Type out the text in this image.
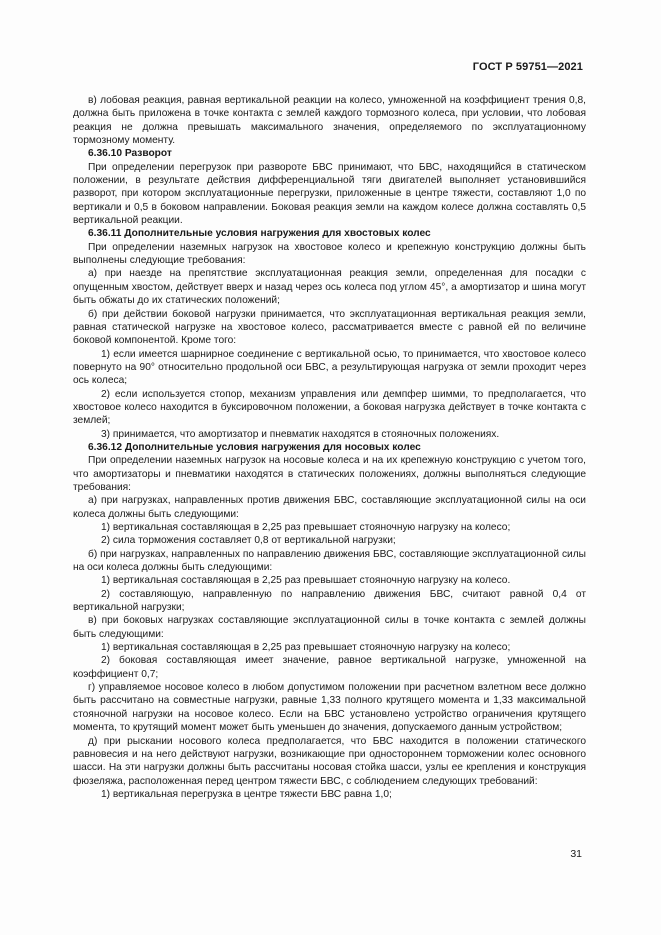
ГОСТ Р 59751—2021

в) лобовая реакция, равная вертикальной реакции на колесо, умноженной на коэффициент трения 0,8, должна быть приложена в точке контакта с землей каждого тормозного колеса, при условии, что лобовая реакция не должна превышать максимального значения, определяемого по эксплуатационному тормозному моменту.

6.36.10 Разворот

При определении перегрузок при развороте БВС принимают, что БВС, находящийся в статическом положении, в результате действия дифференциальной тяги двигателей выполняет установившийся разворот, при котором эксплуатационные перегрузки, приложенные в центре тяжести, составляют 1,0 по вертикали и 0,5 в боковом направлении. Боковая реакция земли на каждом колесе должна составлять 0,5 вертикальной реакции.

6.36.11 Дополнительные условия нагружения для хвостовых колес

При определении наземных нагрузок на хвостовое колесо и крепежную конструкцию должны быть выполнены следующие требования:

а) при наезде на препятствие эксплуатационная реакция земли, определенная для посадки с опущенным хвостом, действует вверх и назад через ось колеса под углом 45°, а амортизатор и шина могут быть обжаты до их статических положений;

б) при действии боковой нагрузки принимается, что эксплуатационная вертикальная реакция земли, равная статической нагрузке на хвостовое колесо, рассматривается вместе с равной ей по величине боковой компонентой. Кроме того:

1) если имеется шарнирное соединение с вертикальной осью, то принимается, что хвостовое колесо повернуто на 90° относительно продольной оси БВС, а результирующая нагрузка от земли проходит через ось колеса;

2) если используется стопор, механизм управления или демпфер шимми, то предполагается, что хвостовое колесо находится в буксировочном положении, а боковая нагрузка действует в точке контакта с землей;

3) принимается, что амортизатор и пневматик находятся в стояночных положениях.

6.36.12 Дополнительные условия нагружения для носовых колес

При определении наземных нагрузок на носовые колеса и на их крепежную конструкцию с учетом того, что амортизаторы и пневматики находятся в статических положениях, должны выполняться следующие требования:

а) при нагрузках, направленных против движения БВС, составляющие эксплуатационной силы на оси колеса должны быть следующими:

1) вертикальная составляющая в 2,25 раз превышает стояночную нагрузку на колесо;

2) сила торможения составляет 0,8 от вертикальной нагрузки;

б) при нагрузках, направленных по направлению движения БВС, составляющие эксплуатационной силы на оси колеса должны быть следующими:

1) вертикальная составляющая в 2,25 раз превышает стояночную нагрузку на колесо.

2) составляющую, направленную по направлению движения БВС, считают равной 0,4 от вертикальной нагрузки;

в) при боковых нагрузках составляющие эксплуатационной силы в точке контакта с землей должны быть следующими:

1) вертикальная составляющая в 2,25 раз превышает стояночную нагрузку на колесо;

2) боковая составляющая имеет значение, равное вертикальной нагрузке, умноженной на коэффициент 0,7;

г) управляемое носовое колесо в любом допустимом положении при расчетном взлетном весе должно быть рассчитано на совместные нагрузки, равные 1,33 полного крутящего момента и 1,33 максимальной стояночной нагрузки на носовое колесо. Если на БВС установлено устройство ограничения крутящего момента, то крутящий момент может быть уменьшен до значения, допускаемого данным устройством;

д) при рыскании носового колеса предполагается, что БВС находится в положении статического равновесия и на него действуют нагрузки, возникающие при одностороннем торможении колес основного шасси. На эти нагрузки должны быть рассчитаны носовая стойка шасси, узлы ее крепления и конструкция фюзеляжа, расположенная перед центром тяжести БВС, с соблюдением следующих требований:

1) вертикальная перегрузка в центре тяжести БВС равна 1,0;

31
